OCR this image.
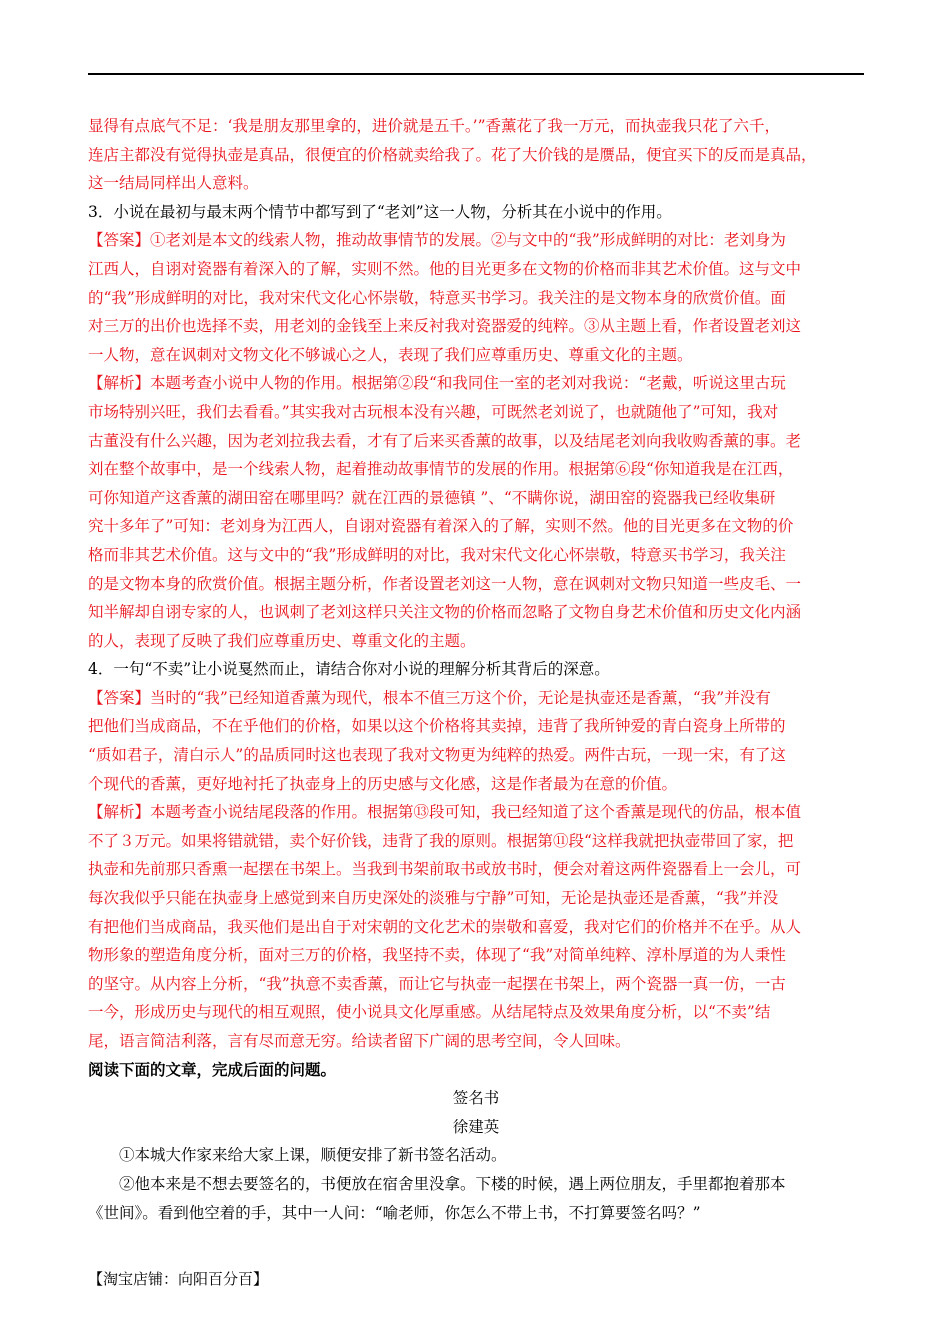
显得有点底气不足：‘我是朋友那里拿的，进价就是五千。’”香薰花了我一万元，而执壶我只花了六千，
连店主都没有觉得执壶是真品，很便宜的价格就卖给我了。花了大价钱的是赝品，便宜买下的反而是真品，
这一结局同样出人意料。
3．小说在最初与最末两个情节中都写到了“老刘”这一人物，分析其在小说中的作用。
【答案】①老刘是本文的线索人物，推动故事情节的发展。②与文中的“我”形成鲜明的对比：老刘身为
江西人，自诩对瓷器有着深入的了解，实则不然。他的目光更多在文物的价格而非其艺术价值。这与文中
的“我”形成鲜明的对比，我对宋代文化心怀崇敬，特意买书学习。我关注的是文物本身的欣赏价值。面
对三万的出价也选择不卖，用老刘的金钱至上来反衬我对瓷器爱的纯粹。③从主题上看，作者设置老刘这
一人物，意在讽刺对文物文化不够诚心之人，表现了我们应尊重历史、尊重文化的主题。
【解析】本题考查小说中人物的作用。根据第②段“和我同住一室的老刘对我说：“老戴，听说这里古玩
市场特别兴旺，我们去看看。”其实我对古玩根本没有兴趣，可既然老刘说了，也就随他了”可知，我对
古董没有什么兴趣，因为老刘拉我去看，才有了后来买香薰的故事，以及结尾老刘向我收购香薰的事。老
刘在整个故事中，是一个线索人物，起着推动故事情节的发展的作用。根据第⑥段“你知道我是在江西，
可你知道产这香薰的湖田窑在哪里吗？就在江西的景德镇 ”、“不瞒你说，湖田窑的瓷器我已经收集研
究十多年了”可知：老刘身为江西人，自诩对瓷器有着深入的了解，实则不然。他的目光更多在文物的价
格而非其艺术价值。这与文中的“我”形成鲜明的对比，我对宋代文化心怀崇敬，特意买书学习，我关注
的是文物本身的欣赏价值。根据主题分析，作者设置老刘这一人物，意在讽刺对文物只知道一些皮毛、一
知半解却自诩专家的人，也讽刺了老刘这样只关注文物的价格而忽略了文物自身艺术价值和历史文化内涵
的人，表现了反映了我们应尊重历史、尊重文化的主题。
4．一句“不卖”让小说戛然而止，请结合你对小说的理解分析其背后的深意。
【答案】当时的“我”已经知道香薰为现代，根本不值三万这个价，无论是执壶还是香薰，“我”并没有
把他们当成商品，不在乎他们的价格，如果以这个价格将其卖掉，违背了我所钟爱的青白瓷身上所带的
“质如君子，清白示人”的品质同时这也表现了我对文物更为纯粹的热爱。两件古玩，一现一宋，有了这
个现代的香薰，更好地衬托了执壶身上的历史感与文化感，这是作者最为在意的价值。
【解析】本题考查小说结尾段落的作用。根据第⑬段可知，我已经知道了这个香薰是现代的仿品，根本值
不了３万元。如果将错就错，卖个好价钱，违背了我的原则。根据第⑪段“这样我就把执壶带回了家，把
执壶和先前那只香熏一起摆在书架上。当我到书架前取书或放书时，便会对着这两件瓷器看上一会儿，可
每次我似乎只能在执壶身上感觉到来自历史深处的淡雅与宁静”可知，无论是执壶还是香薰，“我”并没
有把他们当成商品，我买他们是出自于对宋朝的文化艺术的崇敬和喜爱，我对它们的价格并不在乎。从人
物形象的塑造角度分析，面对三万的价格，我坚持不卖，体现了“我”对简单纯粹、淳朴厚道的为人秉性
的坚守。从内容上分析，“我”执意不卖香薰，而让它与执壶一起摆在书架上，两个瓷器一真一仿，一古
一今，形成历史与现代的相互观照，使小说具文化厚重感。从结尾特点及效果角度分析，以“不卖”结
尾，语言简洁利落，言有尽而意无穷。给读者留下广阔的思考空间，令人回味。
阅读下面的文章，完成后面的问题。
签名书
徐建英
①本城大作家来给大家上课，顺便安排了新书签名活动。
②他本来是不想去要签名的，书便放在宿舍里没拿。下楼的时候，遇上两位朋友，手里都抱着那本
《世间》。看到他空着的手，其中一人问：“喻老师，你怎么不带上书，不打算要签名吗？”
【淘宝店铺：向阳百分百】
